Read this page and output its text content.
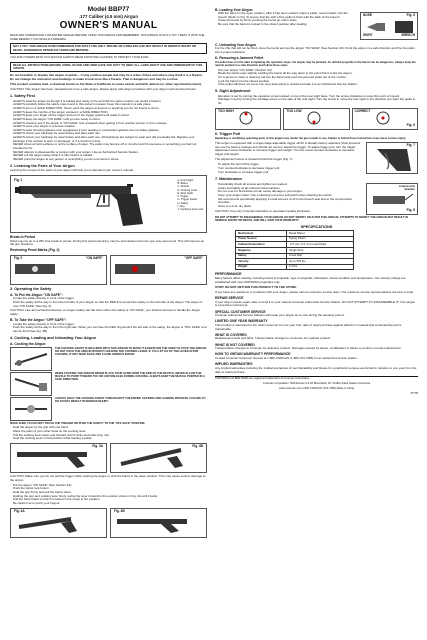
Model BBP77
.177 Caliber (4.5 mm) Airgun
OWNER'S MANUAL

READ AND UNDERSTAND THIS ENTIRE MANUAL BEFORE USING THIS AIRGUN AND REMEMBER, THIS AIRGUN IS NOT A TOY. TREAT IT WITH THE SAME RESPECT YOU WOULD A FIREARM.

NOT A TOY. THIS AIRGUN IS RECOMMENDED FOR ADULT USE ONLY. MISUSE OR CARELESS USE MAY RESULT IN SERIOUS INJURY OR DEATH. DANGEROUS WITHIN 400 YARDS (365 METERS).

YOU AND OTHERS WITH YOU SHOULD ALWAYS WEAR SHOOTING GLASSES TO PROTECT YOUR EYES.

READ ALL INSTRUCTIONS BEFORE USING. BUYER AND USER HAVE THE DUTY TO OBEY ALL LAWS ABOUT USE AND OWNERSHIP OF THIS AIRGUN.

Do not brandish or display this airgun in public – it may confuse people and may be a crime. Police and others may think it is a firearm. Do not change the coloration and markings to make it look more like a firearm. That is dangerous and may be a crime.

This product contains lead, a chemical known to the State of California to cause cancer and birth defects (or other reproductive harm).

CAUTION: This airgun has been manufactured to be a safe airgun. Always apply safe airgun practices with your airgun such as listed herein.

1. Safety First
ALWAYS treat the airgun as though it is loaded and ready to fire and with the same respect you would a firearm.
ALWAYS carefully follow the safety rules found in this owner's manual. Keep this manual in a safe place.
ALWAYS aim in a SAFE DIRECTION. Never point the airgun at anyone or anything you do not intend to shoot.
ALWAYS keep the muzzle of the airgun pointed in a SAFE DIRECTION.
ALWAYS keep your finger off the trigger and out of the trigger guard until ready to shoot.
ALWAYS keep the airgun "ON SAFE" until you are ready to shoot.
ALWAYS check to see if the airgun is "ON SAFE" and unloaded when getting it from another person or from storage.
ALWAYS store your airgun in a secure location.
ALWAYS wear shooting glasses over eyeglasses if your reading or prescription glasses are not safety glasses.
ALWAYS check your backstop for wear before and after each use.
ALWAYS check your backstop for wear before and after each use. All backstops are subject to wear and will eventually fail. Replace your backstop if the surface is worn or damaged, or if a ricochet occurs.
NEVER shoot at hard surfaces or at the surface of water. The pellet may bounce off or ricochet and hit someone or something you had not intended to hit.
NEVER attempt to disassemble or tamper with your airgun. Use an Authorized Service Station.
NEVER put the airgun away while it is still cocked or loaded.
NEVER point the airgun at any person or at anything you do not intend to shoot.
2. Learning the Parts of Your Airgun

Learning the names of the parts of your airgun will help you understand your owner's manual.

Fig. 1	A. Front Sight
B. Barrel
C. Muzzle
D. Cocking Lever
E. Rear Sight
F. Trigger
G. Trigger Guard
H. Safety
I. Grip
J. Cocking Lever Lock
Break-in Period

Pistol may be up to a 250 shot break-in period. During this period accuracy may be inconsistent and your gun may seem loud. This will improve as the gun breaks in.

Reviewing Proof-Marks (Fig. 2)
Fig. 2	"ON SAFE"	"OFF SAFE"
3. Operating the Safety
A. To Put the Airgun "ON SAFE":
Locate the safety directly in front of the trigger.
Push the safety all the way in from the left side of your airgun so that the RED line around the safety on the left side of the airgun. The airgun is now "ON SAFE" (See Fig. 2).

CAUTION: Like all mechanical devices, an airgun safety can fail. Even when the safety is "ON SAFE", you should continue to handle the airgun safely.

B. To Take the Airgun "OFF SAFE":
Locate the safety directly in front of the trigger.
Push the safety all the way in from the right side. When you can See the RED ring around the left side of the safety, the airgun is "OFF SAFE" and can be fired (See Fig. 3B).
4. Cocking, Loading and Unloading Your Airgun
A. Cocking the Airgun

THE COCKING ASSIST IS INCLUDED WITH THIS AIRGUN TO MAKE IT EASIER FOR THE USER TO COCK THE AIRGUN. DO NOT COCK THE AIRGUN WITHOUT HOLDING THE COCKING LEVER. IF YOU LET GO OF THE LEVER AFTER COCKING, IT MAY SNAP BACK AND CAUSE SERIOUS INJURY.

WHEN COCKING THE AIRGUN NEVER PLACE YOUR HAND OVER THE END OF THE MUZZLE. NEVER ALLOW THE MUZZLE TO POINT TOWARD YOU OR ANYONE ELSE DURING COCKING. ALWAYS KEEP THE MUZZLE POINTED IN A SAFE DIRECTION.

ALWAYS HOLD THE COCKING ASSIST THROUGHOUT THE ENTIRE COCKING AND LOADING PROCESS. FAILURE TO DO SO MAY RESULT IN SERIOUS INJURY.

MAKE SURE YOU DO NOT TOUCH THE TRIGGER OR PUSH THE SAFETY TO THE "OFF SAFE" POSITION.

Hold the airgun by the grip with one hand.
Place the palm of your other hand on the cocking lever.
Pull the cocking lever down and forward until it clicks and locks (Fig. 4A).
Hold the cocking lever in that position while loading a pellet.
Fig. 3A	Fig. 3B

CAUTION: Make sure you do not pull the trigger while cocking the airgun or with the barrel in the down position. This may cause serious damage to the airgun.

Put the airgun "ON SAFE" (See Section 3A).
Push the barrel lock button.
Hold the grip firmly and pull the barrel down.
Holding the gun and cocking lever firmly, swing the lever forward to the position shown in Fig. 4A until it locks.
Pull the barrel back so that it is locked in the ready to fire position.
Be careful not to pinch your fingers.
Fig. 4A	Fig. 4B
B. Loading Your Airgun
NOSE
SKIRT	BREECH
Fig. 5
With the barrel in the open position, after it has been cocked, place a pellet, nose forward, into the breech (Refer to Fig. 5) ensure that the skirt of the pellet is flush with the back of the breech.
Close the barrel by firmly pushing the barrel up until it locks.
Be sure that the barrel is locked in the closed position after loading.
C. Unloading Your Airgun

For the rifle that will not be fired, close the barrel and put the airgun "ON SAFE" (See Section 3A). Point the airgun in a safe direction and fire the pellet into a proper backstop.

D. Removing a Jammed Pellet

If a pellet does not fire after completing the operation steps, the airgun may be jammed. An unfired projectile in the barrel can be dangerous. Always keep the muzzle pointed in a safe direction and follow these steps.

Put your airgun "ON SAFE" (Section 3A).
Break the barrel open slightly. Holding the barrel all the way down to the point that it cocks the airgun.
If it is jammed, insert a cleaning rod into the barrel and push the jammed pellet out of the muzzle.
Lock the barrel into the closed position.
If the pellet still does not come out, stop attempting to unload and take it to an Authorized Service Station.
5. Sight Adjustment
Elevation is set by turning the elevation screw located on top of the rear sight base. Turn the screw clockwise to lower the point of impact.
Windage is set by turning the windage screw on the side of the rear sight. Turn the screw to move the rear sight in the direction you want the pellet to hit.
TOO HIGH	TOO LOW	CORRECT
Fig. 6
6. Trigger Pull

Replacing or modifying operating parts of this airgun may render the gun unsafe to use. Failure to follow these instructions may cause serious injury.

Fig. 7

This airgun is equipped with a single-stage adjustable trigger which is already factory adjusted. Most shooters can use the factory settings and should not need to adjust the trigger. To adjust trigger pull, turn the trigger adjustment screw clockwise to increase trigger pull weight. Turn the screw counter-clockwise to decrease trigger pull weight.

The adjustment screw is located behind the trigger (Fig. 7).

To adjust the pull off the trigger.
Turn counterclockwise to decrease trigger pull.
Turn clockwise to increase trigger pull.
7. Maintenance
compression chamber
Fig. 8
Periodically check all screws and tighten as needed.
Clean and lightly oil all external metal surfaces.
Do not over-oil. Excessive oil can cause damage to your airgun.
Keep your airgun clean. Use a cleaning rod and a soft patch when cleaning the barrel.
We recommend periodically applying a small amount of oil to the breech seal and to the compression chamber.
Store in a cool, dry place.

CAUTION: Use only Crosman lubricants or equivalent quality lubricants.

DO NOT ATTEMPT TO DISASSEMBLE YOUR AIRGUN. DO NOT MODIFY OR ALTER THIS AIRGUN. ATTEMPTS TO MODIFY THE AIRGUN MAY RESULT IN SERIOUS INJURY OR DEATH, AND WILL VOID YOUR WARRANTY.

SPECIFICATIONS
Mechanism	Break Barrel
Power Source	Spring Piston
Caliber/Ammunition	.177 cal. (4.5 mm) Lead Pellet
Magazine	Single Shot
Safety	Cross Bolt
Velocity	Up to 525 fps
Weight	2.4 lbs
PERFORMANCE

Many factors affect velocity, including brand of projectile, type of projectile, lubrication, barrel condition and temperature. Our velocity ratings are established with new CROSMAN projectiles only.

STOP! DO NOT RETURN THIS PRODUCT TO THE STORE.

If you have any questions or problems with your airgun, please call our customer service team. Our customer service representatives are here to help.

REPAIR SERVICE

If your airgun needs repair, take or send it to your nearest Crosman Authorized Service Station. DO NOT ATTEMPT TO DISASSEMBLE IT! Your airgun is a precision instrument.

SPECIAL CUSTOMER SERVICE

Crosman Authorized Service Stations will repair your airgun at no cost during the warranty period.

LIMITED ONE YEAR WARRANTY

This product is warranted to the retail consumer for one year from date of retail purchase against defects in material and workmanship and is transferable.

WHAT IS COVERED

Replacement parts and labor. Transportation charges to consumer for repaired product.

WHAT IS NOT COVERED

Transportation charges to Crosman for defective product. Damages caused by abuse, modification or failure to perform normal maintenance.

HOW TO OBTAIN WARRANTY PERFORMANCE

Contact Crosman Customer Service at 1-800-7AIRGUN (1-800-724-7486) for an authorized service station.

IMPLIED WARRANTIES

Any implied warranties including the implied warranties of merchantability and fitness for a particular purpose are limited in duration to one year from the date of retail purchase.

CROSMAN and BENJAMIN are registered trademarks of Crosman Corporation.

Crosman Corporation 7629 Routes 5 & 20 Bloomfield, NY 14469 United States of America

www.crosman.com 1-800-7AIRGUN (724-7486) Made in China

PI77B
